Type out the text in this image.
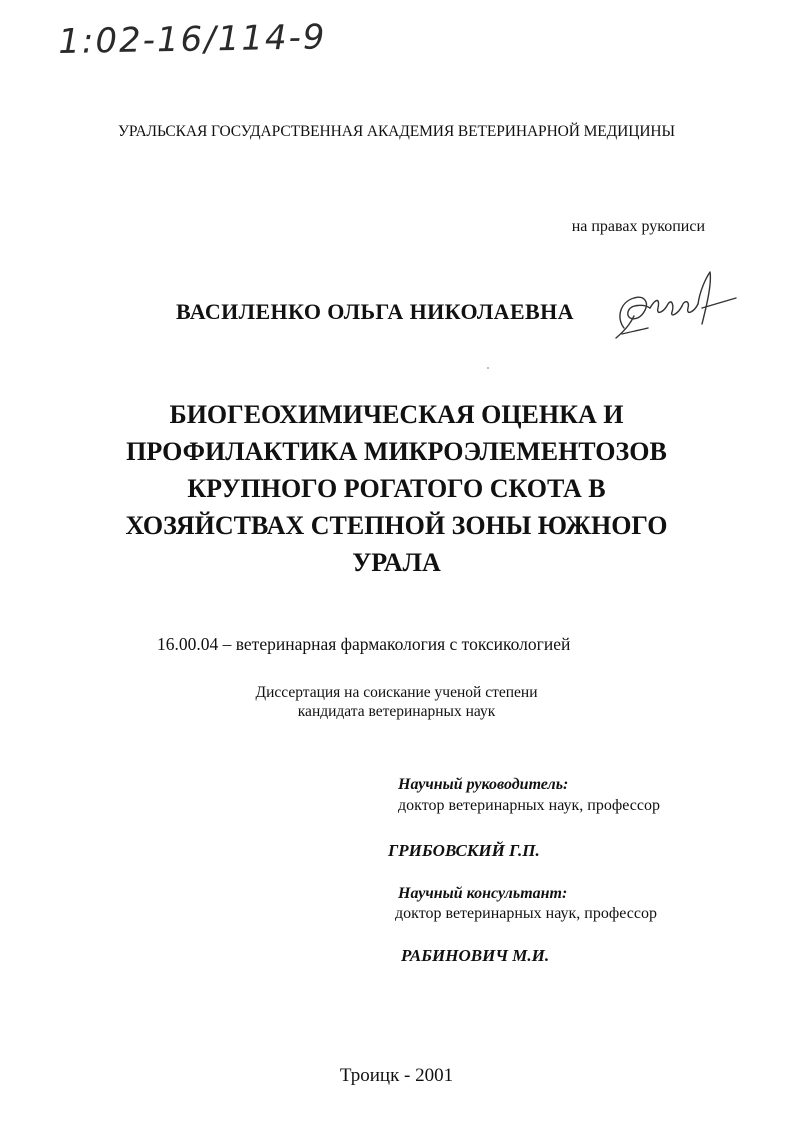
1:02-16/114-9
УРАЛЬСКАЯ ГОСУДАРСТВЕННАЯ АКАДЕМИЯ ВЕТЕРИНАРНОЙ МЕДИЦИНЫ
на правах рукописи
ВАСИЛЕНКО ОЛЬГА НИКОЛАЕВНА
БИОГЕОХИМИЧЕСКАЯ ОЦЕНКА И
ПРОФИЛАКТИКА МИКРОЭЛЕМЕНТОЗОВ
КРУПНОГО РОГАТОГО СКОТА В
ХОЗЯЙСТВАХ СТЕПНОЙ ЗОНЫ ЮЖНОГО
УРАЛА
16.00.04 – ветеринарная фармакология с токсикологией
Диссертация на соискание ученой степени
кандидата ветеринарных наук
Научный руководитель:
доктор ветеринарных наук, профессор
ГРИБОВСКИЙ Г.П.
Научный консультант:
доктор ветеринарных наук, профессор
РАБИНОВИЧ М.И.
Троицк - 2001
